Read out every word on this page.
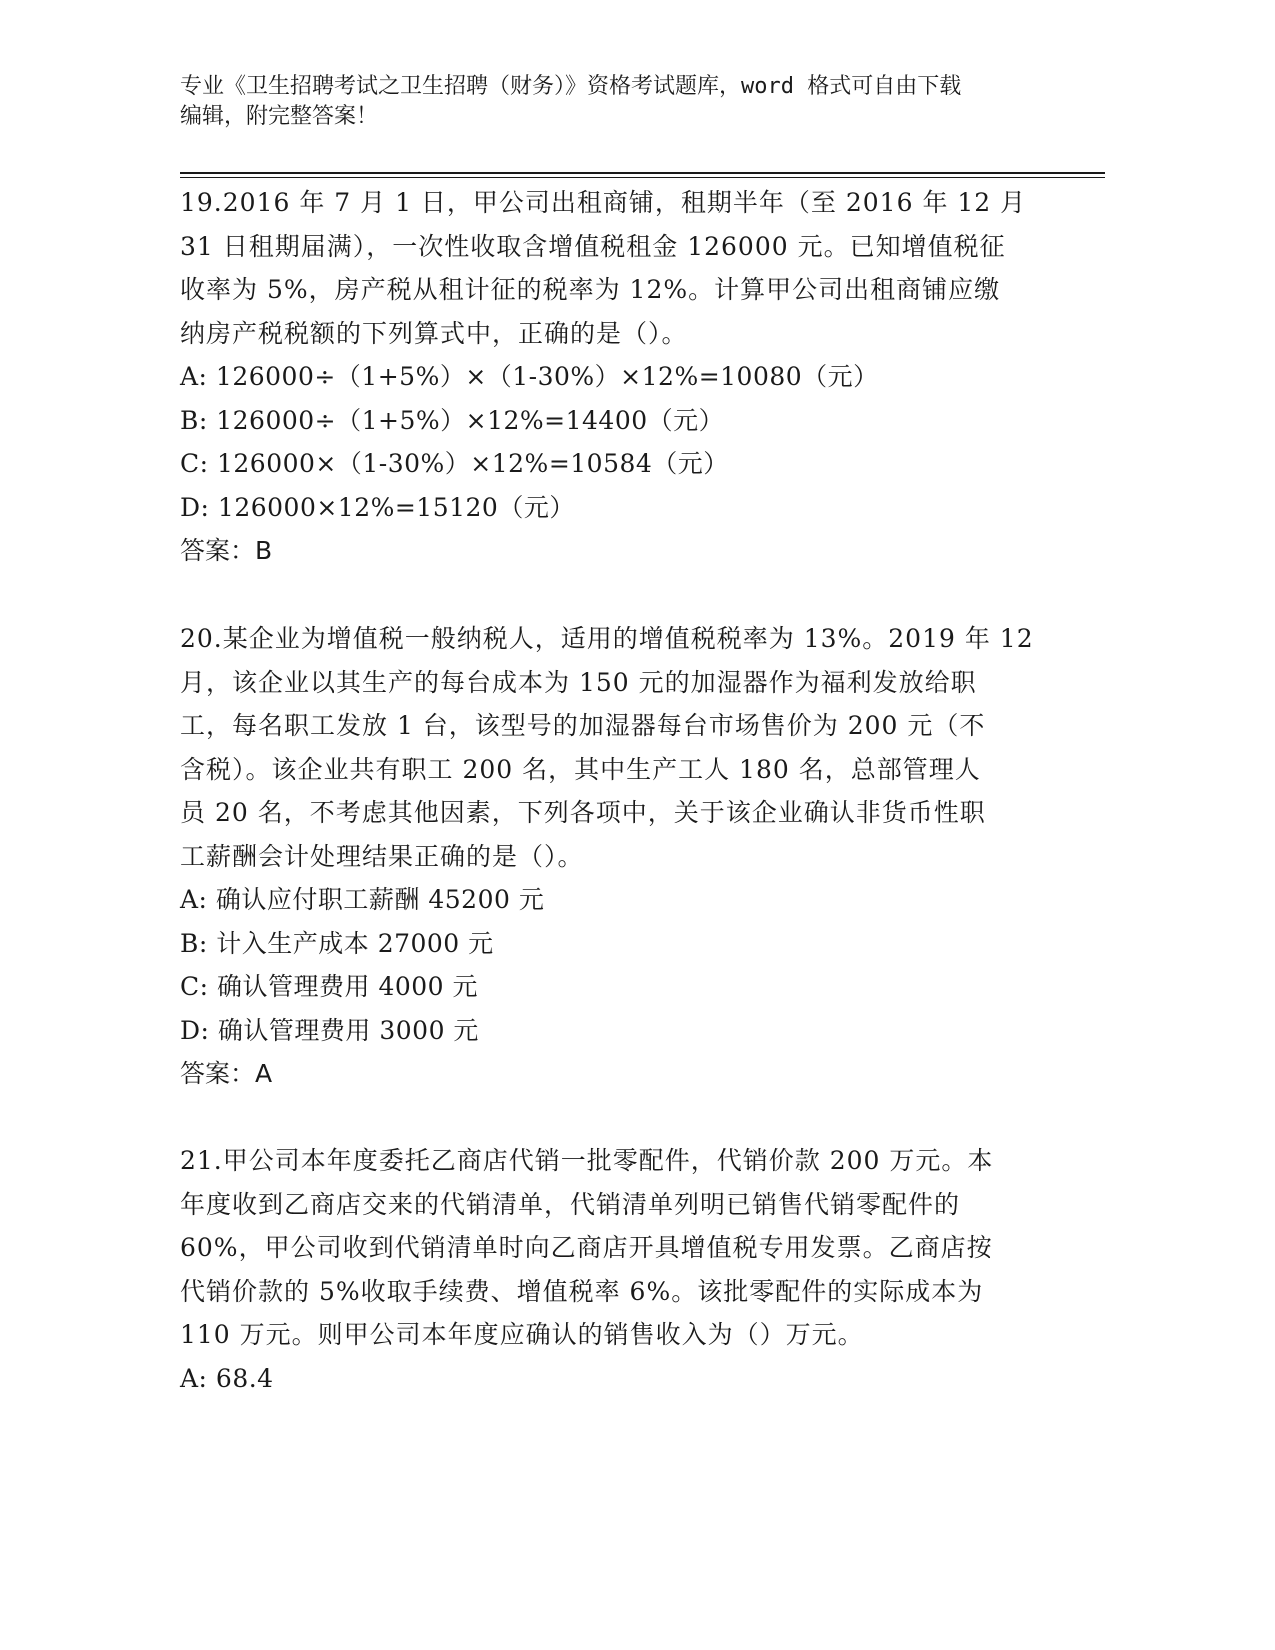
专业《卫生招聘考试之卫生招聘（财务）》资格考试题库，word 格式可自由下载
编辑，附完整答案！

19.2016 年 7 月 1 日，甲公司出租商铺，租期半年（至 2016 年 12 月

31 日租期届满），一次性收取含增值税租金 126000 元。已知增值税征

收率为 5%，房产税从租计征的税率为 12%。计算甲公司出租商铺应缴

纳房产税税额的下列算式中，正确的是（）。

A: 126000÷（1+5%）×（1-30%）×12%=10080（元）

B: 126000÷（1+5%）×12%=14400（元）

C: 126000×（1-30%）×12%=10584（元）

D: 126000×12%=15120（元）

答案：B

20.某企业为增值税一般纳税人，适用的增值税税率为 13%。2019 年 12

月，该企业以其生产的每台成本为 150 元的加湿器作为福利发放给职

工，每名职工发放 1 台，该型号的加湿器每台市场售价为 200 元（不

含税）。该企业共有职工 200 名，其中生产工人 180 名，总部管理人

员 20 名，不考虑其他因素，下列各项中，关于该企业确认非货币性职

工薪酬会计处理结果正确的是（）。

A: 确认应付职工薪酬 45200 元

B: 计入生产成本 27000 元

C: 确认管理费用 4000 元

D: 确认管理费用 3000 元

答案：A

21.甲公司本年度委托乙商店代销一批零配件，代销价款 200 万元。本

年度收到乙商店交来的代销清单，代销清单列明已销售代销零配件的

60%，甲公司收到代销清单时向乙商店开具增值税专用发票。乙商店按

代销价款的 5%收取手续费、增值税率 6%。该批零配件的实际成本为

110 万元。则甲公司本年度应确认的销售收入为（）万元。

A: 68.4
